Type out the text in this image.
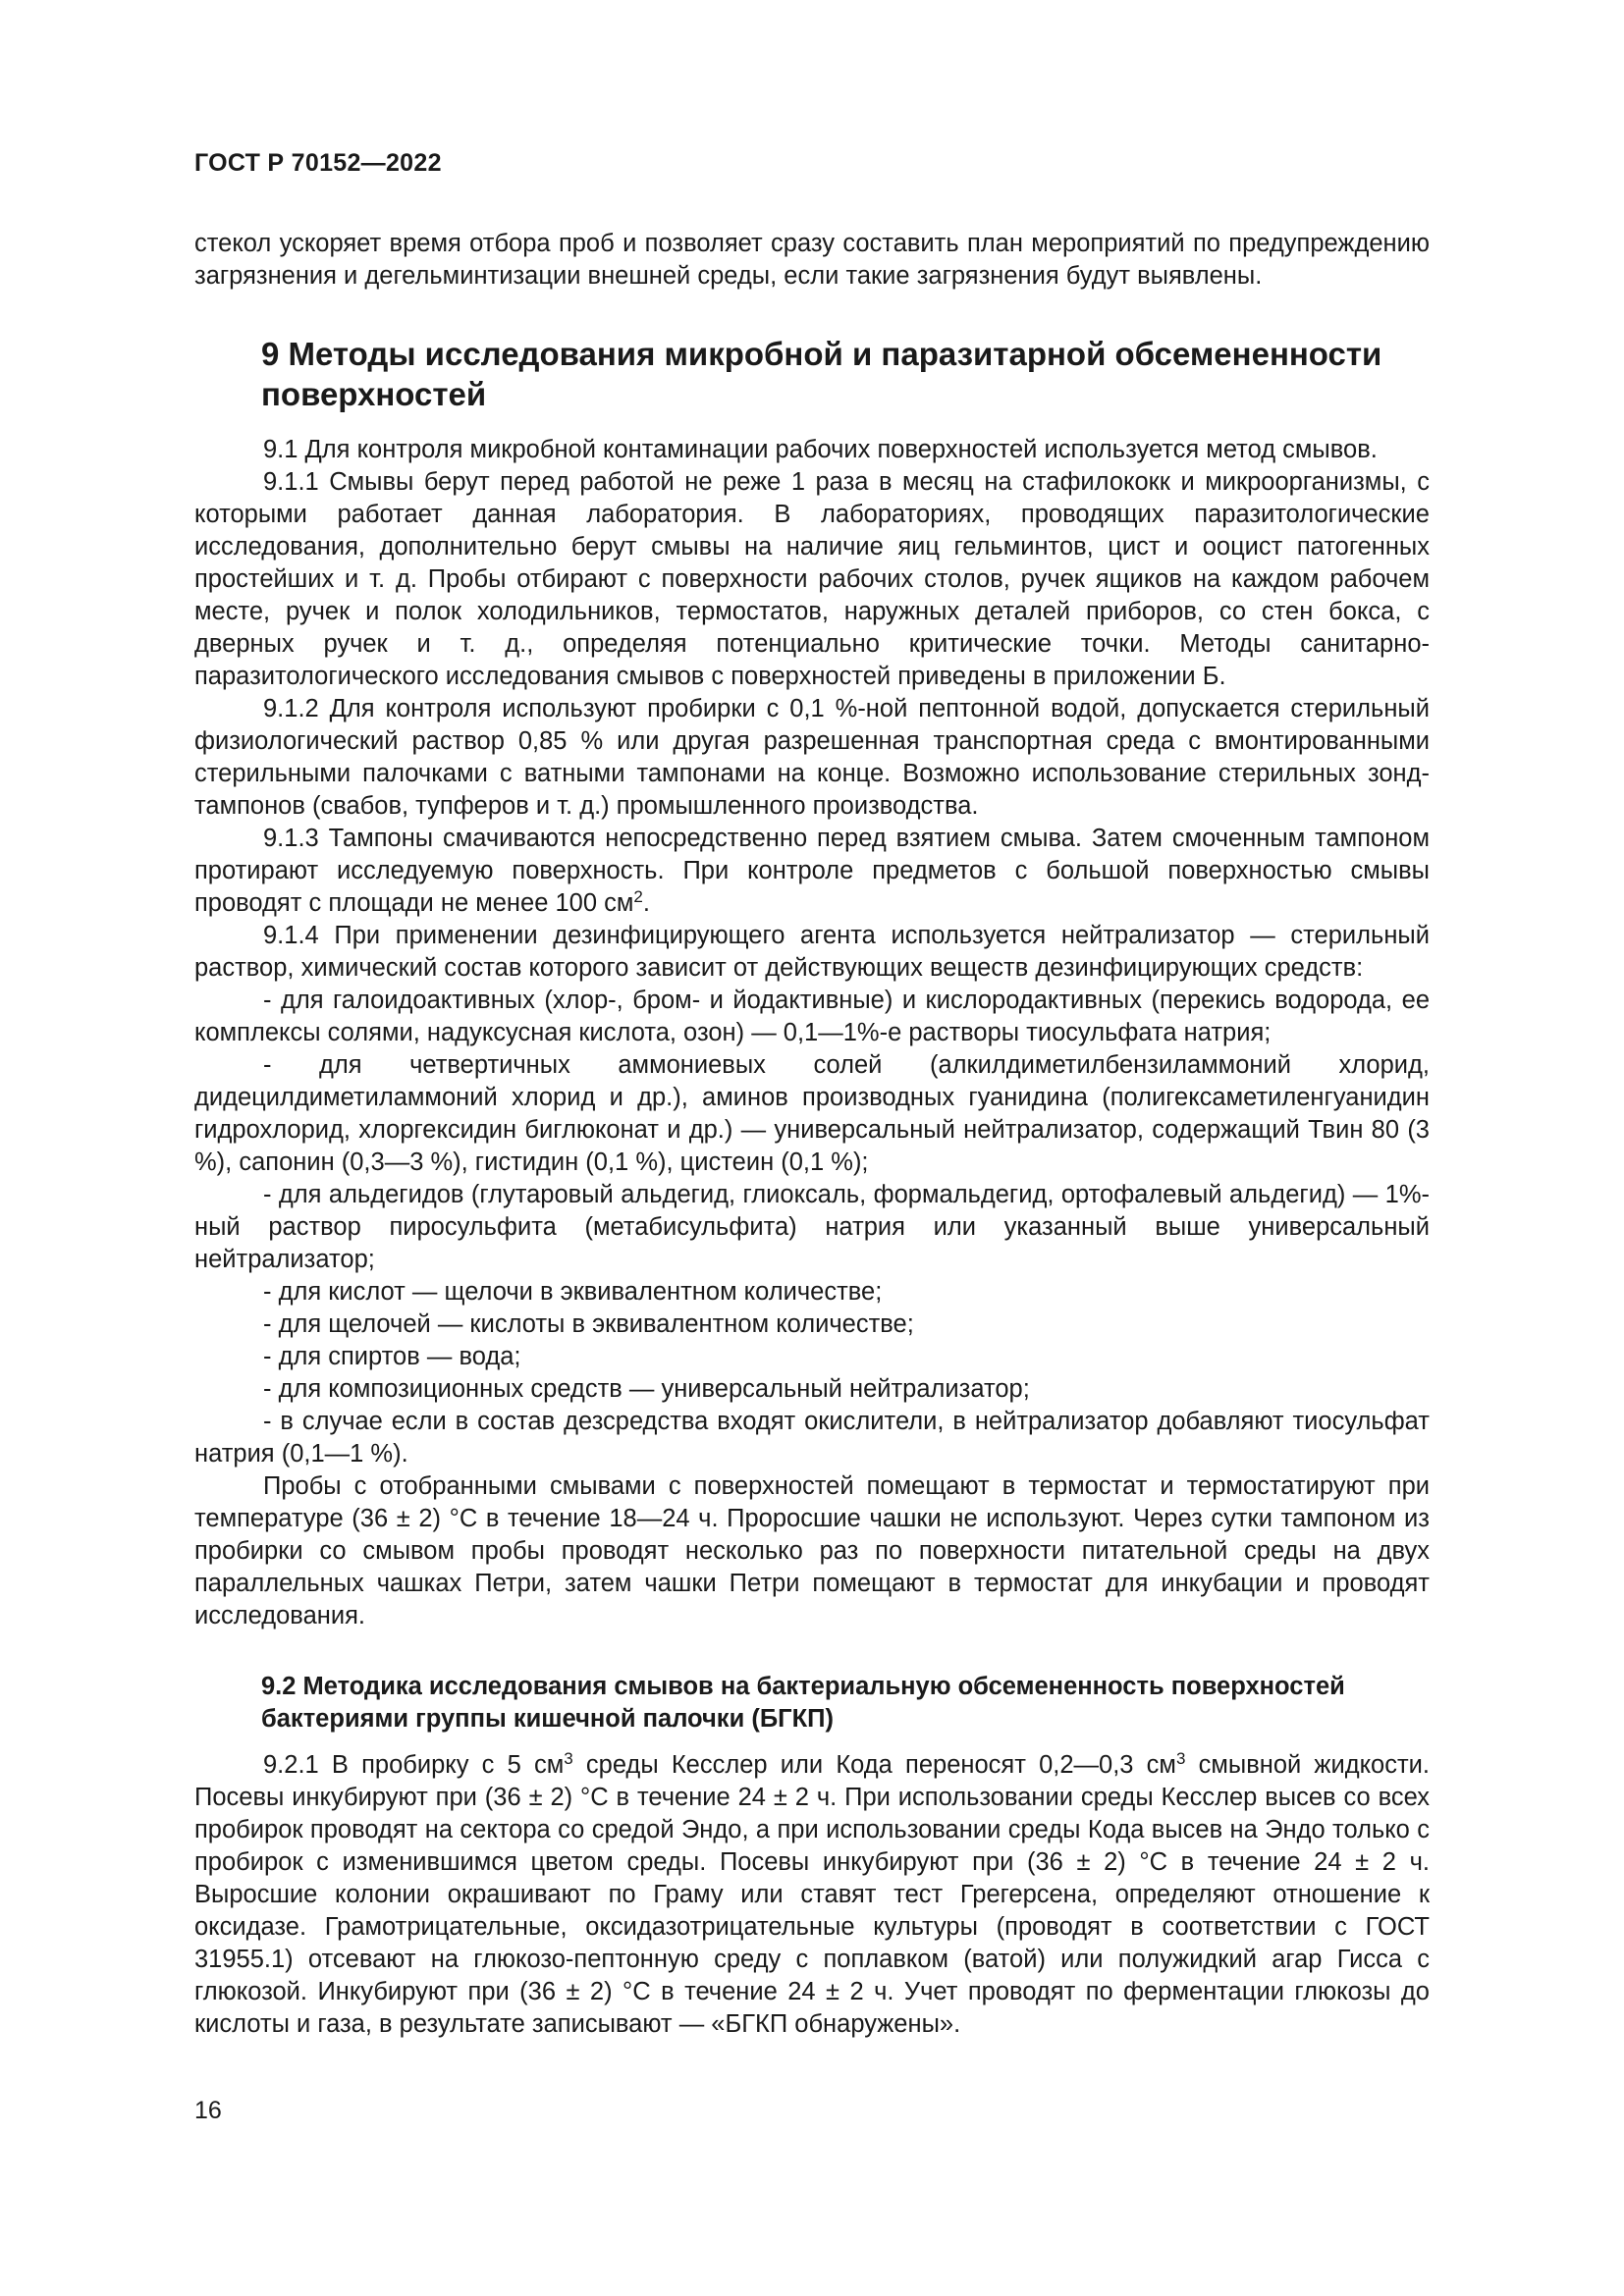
ГОСТ Р 70152—2022

стекол ускоряет время отбора проб и позволяет сразу составить план мероприятий по предупреждению загрязнения и дегельминтизации внешней среды, если такие загрязнения будут выявлены.

9 Методы исследования микробной и паразитарной обсемененности поверхностей

9.1 Для контроля микробной контаминации рабочих поверхностей используется метод смывов.

9.1.1 Смывы берут перед работой не реже 1 раза в месяц на стафилококк и микроорганизмы, с которыми работает данная лаборатория. В лабораториях, проводящих паразитологические исследования, дополнительно берут смывы на наличие яиц гельминтов, цист и ооцист патогенных простейших и т. д. Пробы отбирают с поверхности рабочих столов, ручек ящиков на каждом рабочем месте, ручек и полок холодильников, термостатов, наружных деталей приборов, со стен бокса, с дверных ручек и т. д., определяя потенциально критические точки. Методы санитарно-паразитологического исследования смывов с поверхностей приведены в приложении Б.

9.1.2 Для контроля используют пробирки с 0,1 %-ной пептонной водой, допускается стерильный физиологический раствор 0,85 % или другая разрешенная транспортная среда с вмонтированными стерильными палочками с ватными тампонами на конце. Возможно использование стерильных зонд-тампонов (свабов, тупферов и т. д.) промышленного производства.

9.1.3 Тампоны смачиваются непосредственно перед взятием смыва. Затем смоченным тампоном протирают исследуемую поверхность. При контроле предметов с большой поверхностью смывы проводят с площади не менее 100 $см^2$.

9.1.4 При применении дезинфицирующего агента используется нейтрализатор — стерильный раствор, химический состав которого зависит от действующих веществ дезинфицирующих средств:

- для галоидоактивных (хлор-, бром- и йодактивные) и кислородактивных (перекись водорода, ее комплексы солями, надуксусная кислота, озон) — 0,1—1%-е растворы тиосульфата натрия;

- для четвертичных аммониевых солей (алкилдиметилбензиламмоний хлорид, дидецилдиметиламмоний хлорид и др.), аминов производных гуанидина (полигексаметиленгуанидин гидрохлорид, хлоргексидин биглюконат и др.) — универсальный нейтрализатор, содержащий Твин 80 (3 %), сапонин (0,3—3 %), гистидин (0,1 %), цистеин (0,1 %);

- для альдегидов (глутаровый альдегид, глиоксаль, формальдегид, ортофалевый альдегид) — 1%-ный раствор пиросульфита (метабисульфита) натрия или указанный выше универсальный нейтрализатор;

- для кислот — щелочи в эквивалентном количестве;

- для щелочей — кислоты в эквивалентном количестве;

- для спиртов — вода;

- для композиционных средств — универсальный нейтрализатор;

- в случае если в состав дезсредства входят окислители, в нейтрализатор добавляют тиосульфат натрия (0,1—1 %).

Пробы с отобранными смывами с поверхностей помещают в термостат и термостатируют при температуре (36 ± 2) °С в течение 18—24 ч. Проросшие чашки не используют. Через сутки тампоном из пробирки со смывом пробы проводят несколько раз по поверхности питательной среды на двух параллельных чашках Петри, затем чашки Петри помещают в термостат для инкубации и проводят исследования.

9.2 Методика исследования смывов на бактериальную обсемененность поверхностей бактериями группы кишечной палочки (БГКП)

9.2.1 В пробирку с 5 $см^3$ среды Кесслер или Кода переносят 0,2—0,3 $см^3$ смывной жидкости. Посевы инкубируют при (36 ± 2) °С в течение 24 ± 2 ч. При использовании среды Кесслер высев со всех пробирок проводят на сектора со средой Эндо, а при использовании среды Кода высев на Эндо только с пробирок с изменившимся цветом среды. Посевы инкубируют при (36 ± 2) °С в течение 24 ± 2 ч. Выросшие колонии окрашивают по Граму или ставят тест Грегерсена, определяют отношение к оксидазе. Грамотрицательные, оксидазотрицательные культуры (проводят в соответствии с ГОСТ 31955.1) отсевают на глюкозо-пептонную среду с поплавком (ватой) или полужидкий агар Гисса с глюкозой. Инкубируют при (36 ± 2) °С в течение 24 ± 2 ч. Учет проводят по ферментации глюкозы до кислоты и газа, в результате записывают — «БГКП обнаружены».

16
